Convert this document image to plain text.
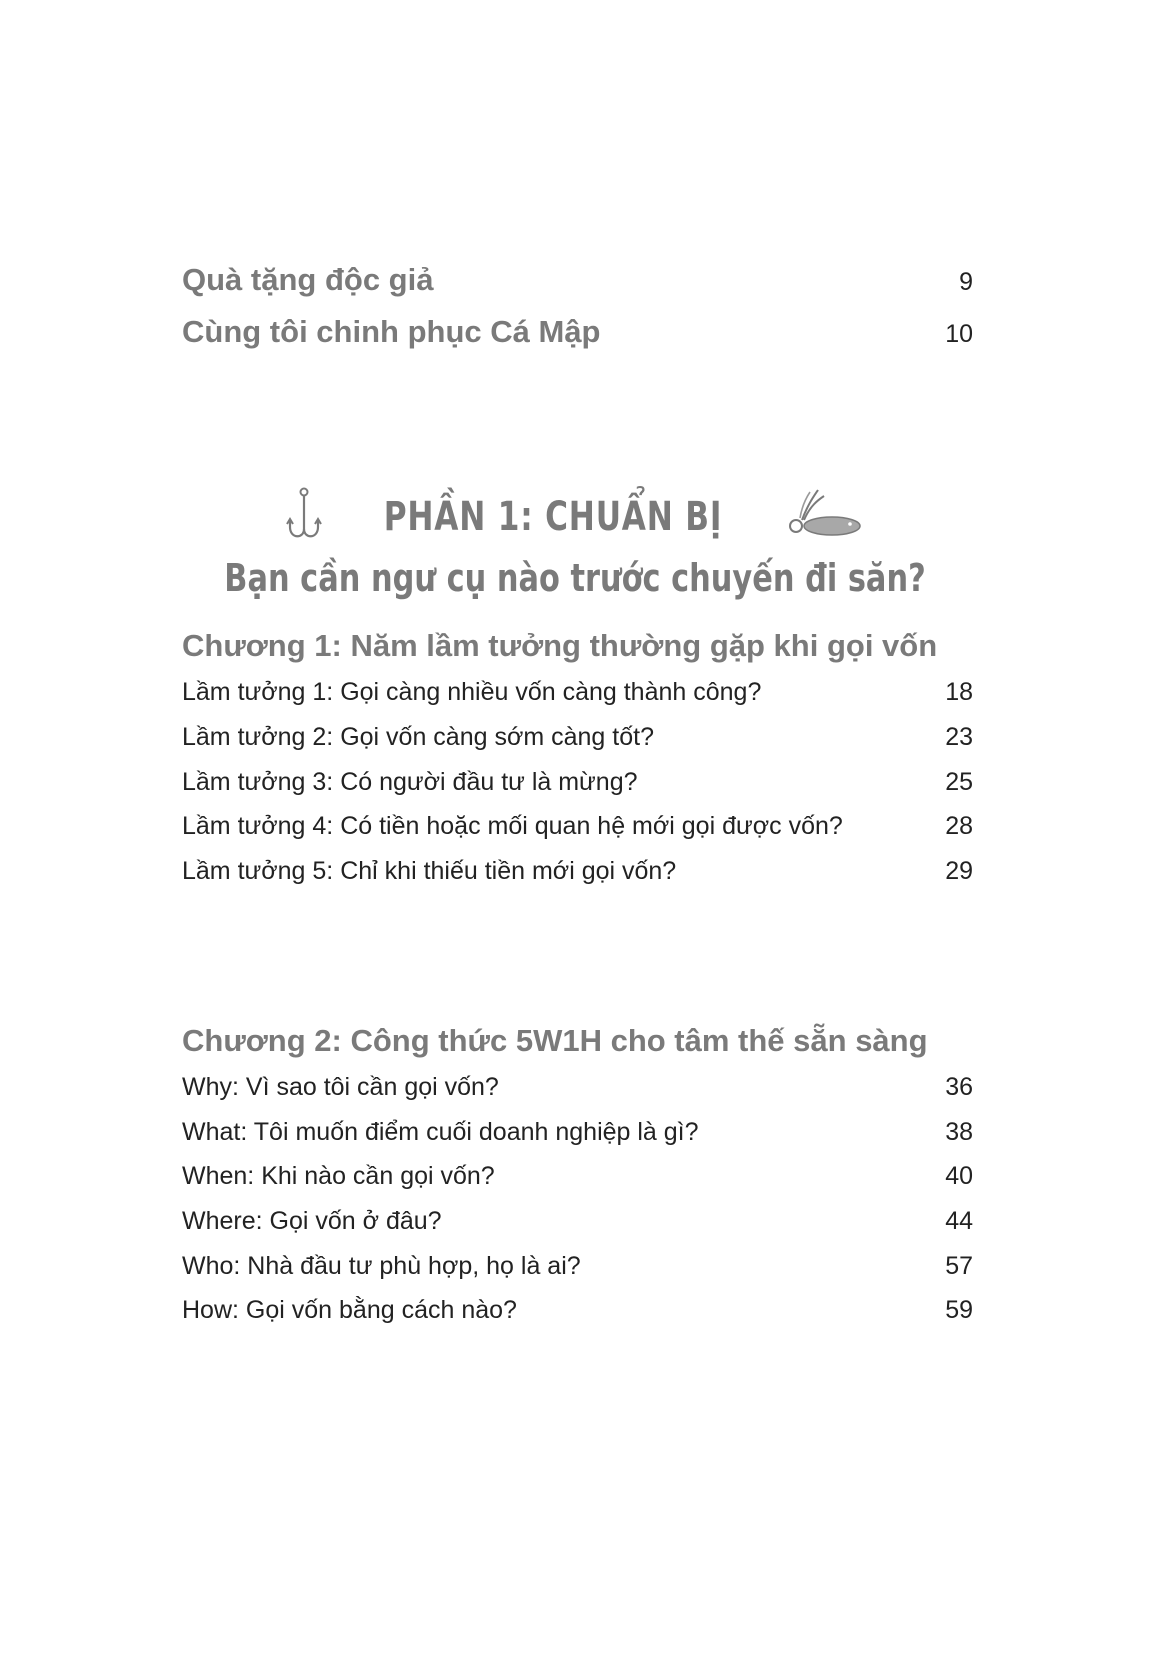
Quà tặng độc giả	9
Cùng tôi chinh phục Cá Mập	10
PHẦN 1: CHUẨN BỊ
Bạn cần ngư cụ nào trước chuyến đi săn?
Chương 1: Năm lầm tưởng thường gặp khi gọi vốn
Lầm tưởng 1: Gọi càng nhiều vốn càng thành công?	18
Lầm tưởng 2: Gọi vốn càng sớm càng tốt?	23
Lầm tưởng 3: Có người đầu tư là mừng?	25
Lầm tưởng 4: Có tiền hoặc mối quan hệ mới gọi được vốn?	28
Lầm tưởng 5: Chỉ khi thiếu tiền mới gọi vốn?	29
Chương 2: Công thức 5W1H cho tâm thế sẵn sàng
Why: Vì sao tôi cần gọi vốn?	36
What: Tôi muốn điểm cuối doanh nghiệp là gì?	38
When: Khi nào cần gọi vốn?	40
Where: Gọi vốn ở đâu?	44
Who: Nhà đầu tư phù hợp, họ là ai?	57
How: Gọi vốn bằng cách nào?	59
